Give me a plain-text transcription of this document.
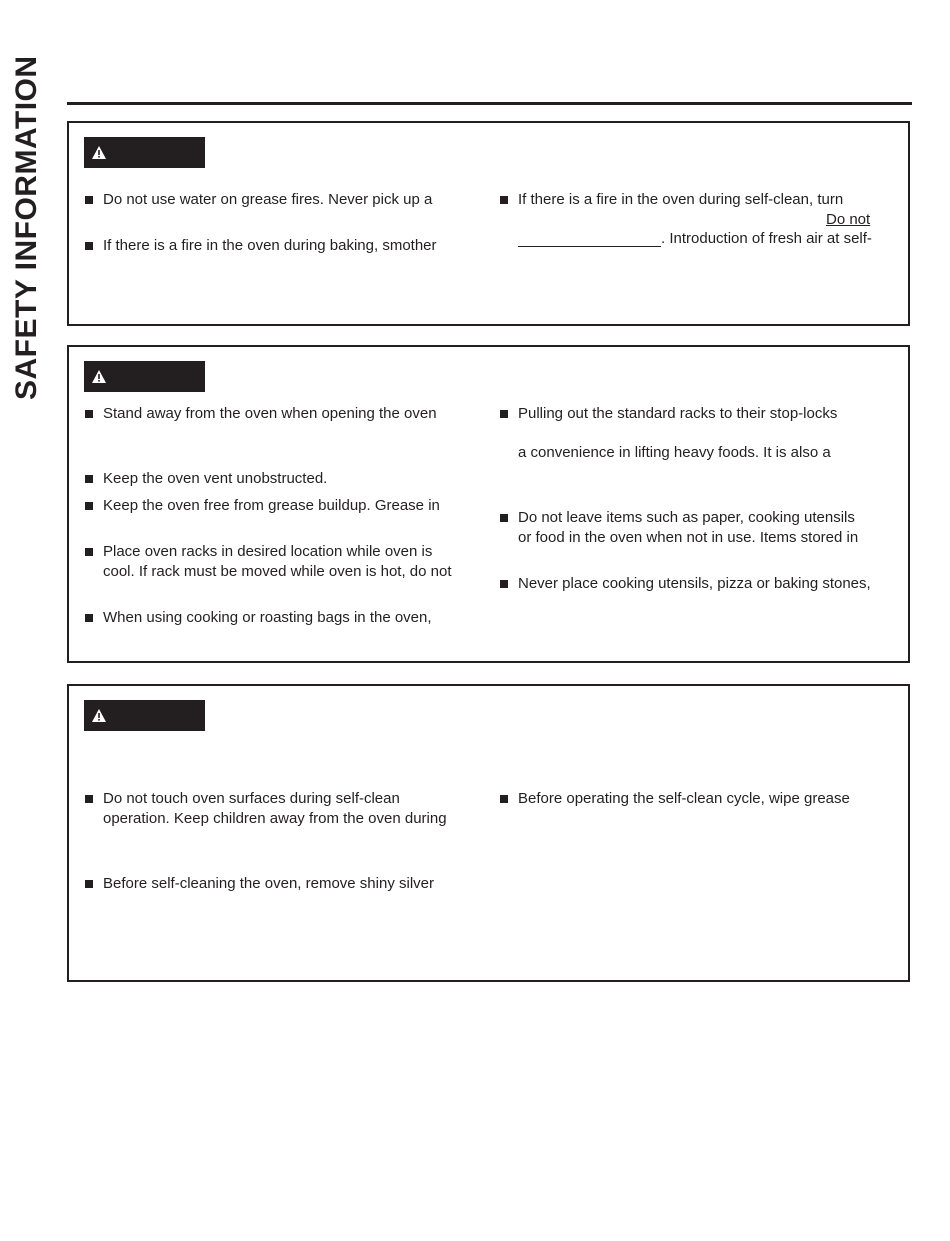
SAFETY INFORMATION	Do not use water on grease fires. Never pick up a
If there is a fire in the oven during baking, smother
If there is a fire in the oven during self-clean, turn
Do not
. Introduction of fresh air at self-
Stand away from the oven when opening the oven
Keep the oven vent unobstructed.
Keep the oven free from grease buildup. Grease in
Place oven racks in desired location while oven is
cool. If rack must be moved while oven is hot, do not
When using cooking or roasting bags in the oven,
Pulling out the standard racks to their stop-locks
a convenience in lifting heavy foods. It is also a
Do not leave items such as paper, cooking utensils
or food in the oven when not in use. Items stored in
Never place cooking utensils, pizza or baking stones,
Do not touch oven surfaces during self-clean
operation. Keep children away from the oven during
Before self-cleaning the oven, remove shiny silver
Before operating the self-clean cycle, wipe grease
